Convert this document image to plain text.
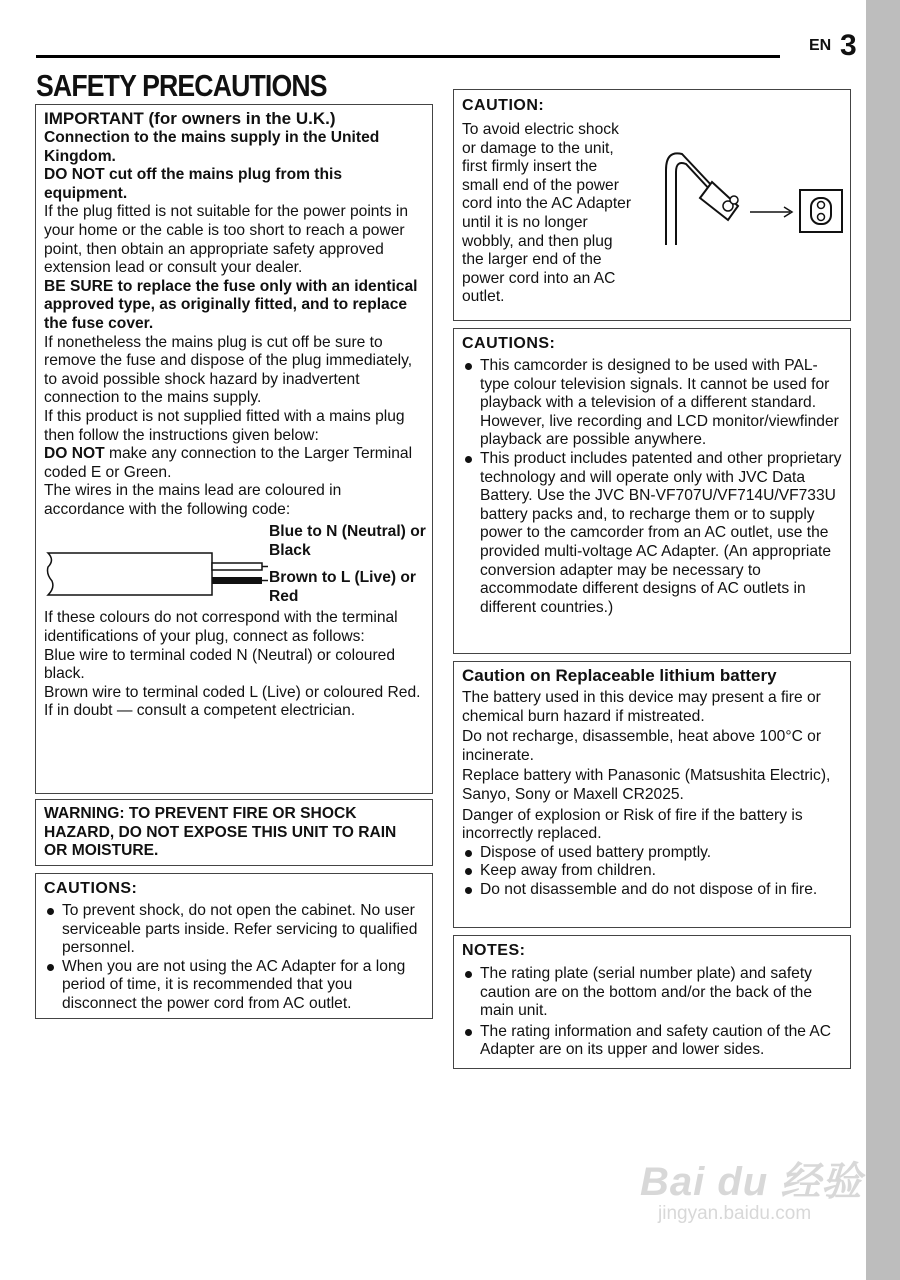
EN 3
SAFETY PRECAUTIONS

IMPORTANT (for owners in the U.K.)

Connection to the mains supply in the United Kingdom.

DO NOT cut off the mains plug from this equipment.

If the plug fitted is not suitable for the power points in your home or the cable is too short to reach a power point, then obtain an appropriate safety approved extension lead or consult your dealer.

BE SURE to replace the fuse only with an identical approved type, as originally fitted, and to replace the fuse cover.

If nonetheless the mains plug is cut off be sure to remove the fuse and dispose of the plug immediately, to avoid possible shock hazard by inadvertent connection to the mains supply.

If this product is not supplied fitted with a mains plug then follow the instructions given below:

DO NOT make any connection to the Larger Terminal coded E or Green.

The wires in the mains lead are coloured in accordance with the following code:

Blue to N (Neutral) or Black
Brown to L (Live) or Red

If these colours do not correspond with the terminal identifications of your plug, connect as follows:

Blue wire to terminal coded N (Neutral) or coloured black.

Brown wire to terminal coded L (Live) or coloured Red.

If in doubt — consult a competent electrician.

WARNING: TO PREVENT FIRE OR SHOCK HAZARD, DO NOT EXPOSE THIS UNIT TO RAIN OR MOISTURE.

CAUTIONS:

To prevent shock, do not open the cabinet. No user serviceable parts inside. Refer servicing to qualified personnel.
When you are not using the AC Adapter for a long period of time, it is recommended that you disconnect the power cord from AC outlet.

CAUTION:

To avoid electric shock or damage to the unit, first firmly insert the small end of the power cord into the AC Adapter until it is no longer wobbly, and then plug the larger end of the power cord into an AC outlet.

CAUTIONS:

This camcorder is designed to be used with PAL-type colour television signals. It cannot be used for playback with a television of a different standard. However, live recording and LCD monitor/viewfinder playback are possible anywhere.
This product includes patented and other proprietary technology and will operate only with JVC Data Battery. Use the JVC BN-VF707U/VF714U/VF733U battery packs and, to recharge them or to supply power to the camcorder from an AC outlet, use the provided multi-voltage AC Adapter. (An appropriate conversion adapter may be necessary to accommodate different designs of AC outlets in different countries.)

Caution on Replaceable lithium battery

The battery used in this device may present a fire or chemical burn hazard if mistreated.

Do not recharge, disassemble, heat above 100°C or incinerate.

Replace battery with Panasonic (Matsushita Electric), Sanyo, Sony or Maxell CR2025.

Danger of explosion or Risk of fire if the battery is incorrectly replaced.

Dispose of used battery promptly.
Keep away from children.
Do not disassemble and do not dispose of in fire.

NOTES:

The rating plate (serial number plate) and safety caution are on the bottom and/or the back of the main unit.
The rating information and safety caution of the AC Adapter are on its upper and lower sides.
Bai du 经验
jingyan.baidu.com
